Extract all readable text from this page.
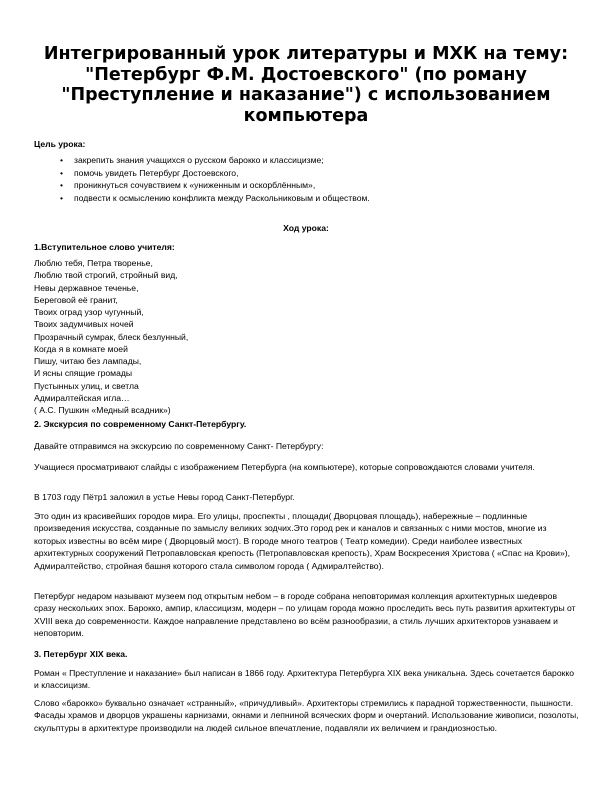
Интегрированный урок литературы и МХК на тему:
"Петербург Ф.М. Достоевского" (по роману
"Преступление и наказание") с использованием
компьютера
Цель урока:
• закрепить знания учащихся о русском барокко и классицизме;
• помочь увидеть Петербург Достоевского,
• проникнуться сочувствием к «униженным и оскорблённым»,
• подвести к осмыслению конфликта между Раскольниковым и обществом.
Ход урока:
1.Вступительное слово учителя:
Люблю тебя, Петра творенье,
Люблю твой строгий, стройный вид,
Невы державное теченье,
Береговой её гранит,
Твоих оград узор чугунный,
Твоих задумчивых ночей
Прозрачный сумрак, блеск безлунный,
Когда я в комнате моей
Пишу, читаю без лампады,
И ясны спящие громады
Пустынных улиц, и светла
Адмиралтейская игла…
( А.С. Пушкин «Медный всадник»)
2. Экскурсия по современному Санкт-Петербургу.

Давайте отправимся на экскурсию по современному Санкт- Петербургу:

Учащиеся просматривают слайды с изображением Петербурга (на компьютере), которые сопровождаются словами учителя.

В 1703 году Пётр1 заложил в устье Невы город Санкт-Петербург.

Это один из красивейших городов мира. Его улицы, проспекты , площади( Дворцовая площадь), набережные – подлинные произведения искусства, созданные по замыслу великих зодчих.Это город рек и каналов и связанных с ними мостов, многие из которых известны во всём мире ( Дворцовый мост). В городе много театров ( Театр комедии). Среди наиболее известных архитектурных сооружений Петропавловская крепость (Петропавловская крепость), Храм Воскресения Христова ( «Спас на Крови»), Адмиралтейство, стройная башня которого стала символом города ( Адмиралтейство).

Петербург недаром называют музеем под открытым небом – в городе собрана неповторимая коллекция архитектурных шедевров сразу нескольких эпох. Барокко, ампир, классицизм, модерн – по улицам города можно проследить весь путь развития архитектуры от XVIII века до современности. Каждое направление представлено во всём разнообразии, а стиль лучших архитекторов узнаваем и неповторим.

3. Петербург XIX века.

Роман « Преступление и наказание» был написан в 1866 году. Архитектура Петербурга XIX века уникальна. Здесь сочетается барокко и классицизм.

Слово «барокко» буквально означает «странный», «причудливый». Архитекторы стремились к парадной торжественности, пышности. Фасады храмов и дворцов украшены карнизами, окнами и лепниной всяческих форм и очертаний. Использование живописи, позолоты, скульптуры в архитектуре производили на людей сильное впечатление, подавляли их величием и грандиозностью.
